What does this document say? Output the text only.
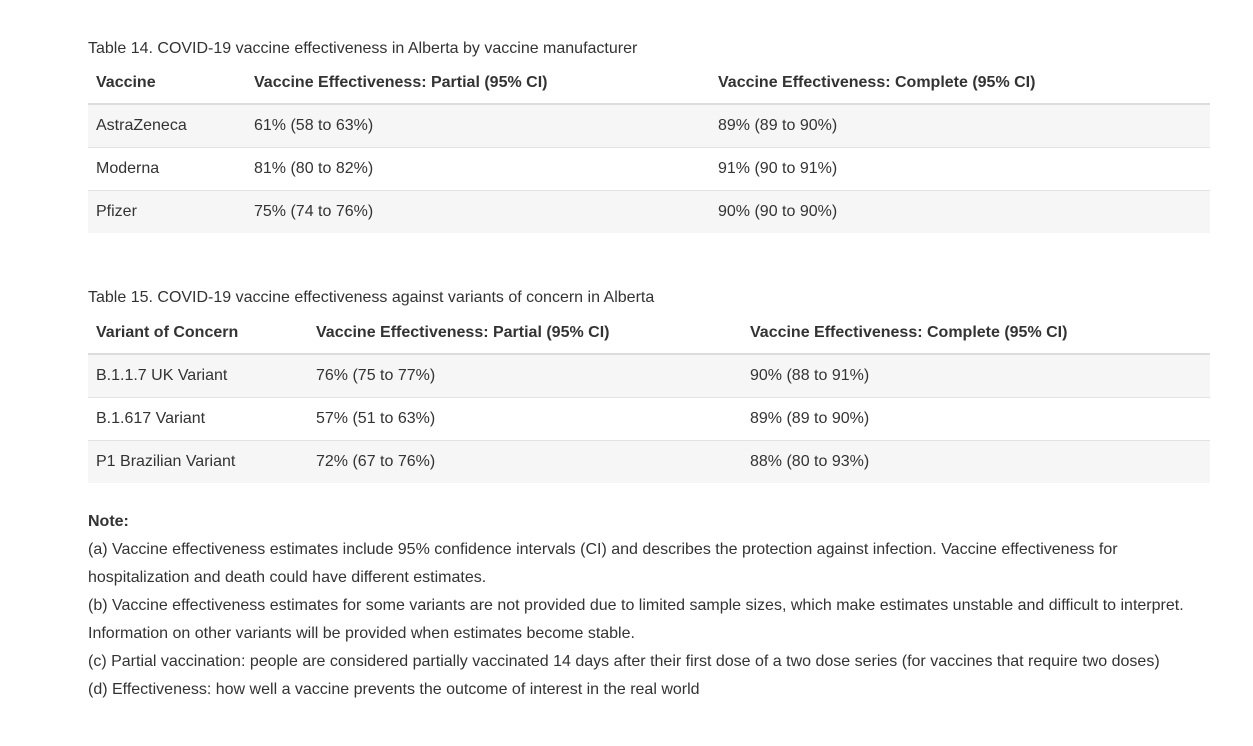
Table 14. COVID-19 vaccine effectiveness in Alberta by vaccine manufacturer

Vaccine	Vaccine Effectiveness: Partial (95% CI)	Vaccine Effectiveness: Complete (95% CI)
AstraZeneca	61% (58 to 63%)	89% (89 to 90%)
Moderna	81% (80 to 82%)	91% (90 to 91%)
Pfizer	75% (74 to 76%)	90% (90 to 90%)

Table 15. COVID-19 vaccine effectiveness against variants of concern in Alberta

Variant of Concern	Vaccine Effectiveness: Partial (95% CI)	Vaccine Effectiveness: Complete (95% CI)
B.1.1.7 UK Variant	76% (75 to 77%)	90% (88 to 91%)
B.1.617 Variant	57% (51 to 63%)	89% (89 to 90%)
P1 Brazilian Variant	72% (67 to 76%)	88% (80 to 93%)

Note:

(a) Vaccine effectiveness estimates include 95% confidence intervals (CI) and describes the protection against infection. Vaccine effectiveness for hospitalization and death could have different estimates.

(b) Vaccine effectiveness estimates for some variants are not provided due to limited sample sizes, which make estimates unstable and difficult to interpret. Information on other variants will be provided when estimates become stable.

(c) Partial vaccination: people are considered partially vaccinated 14 days after their first dose of a two dose series (for vaccines that require two doses)

(d) Effectiveness: how well a vaccine prevents the outcome of interest in the real world
